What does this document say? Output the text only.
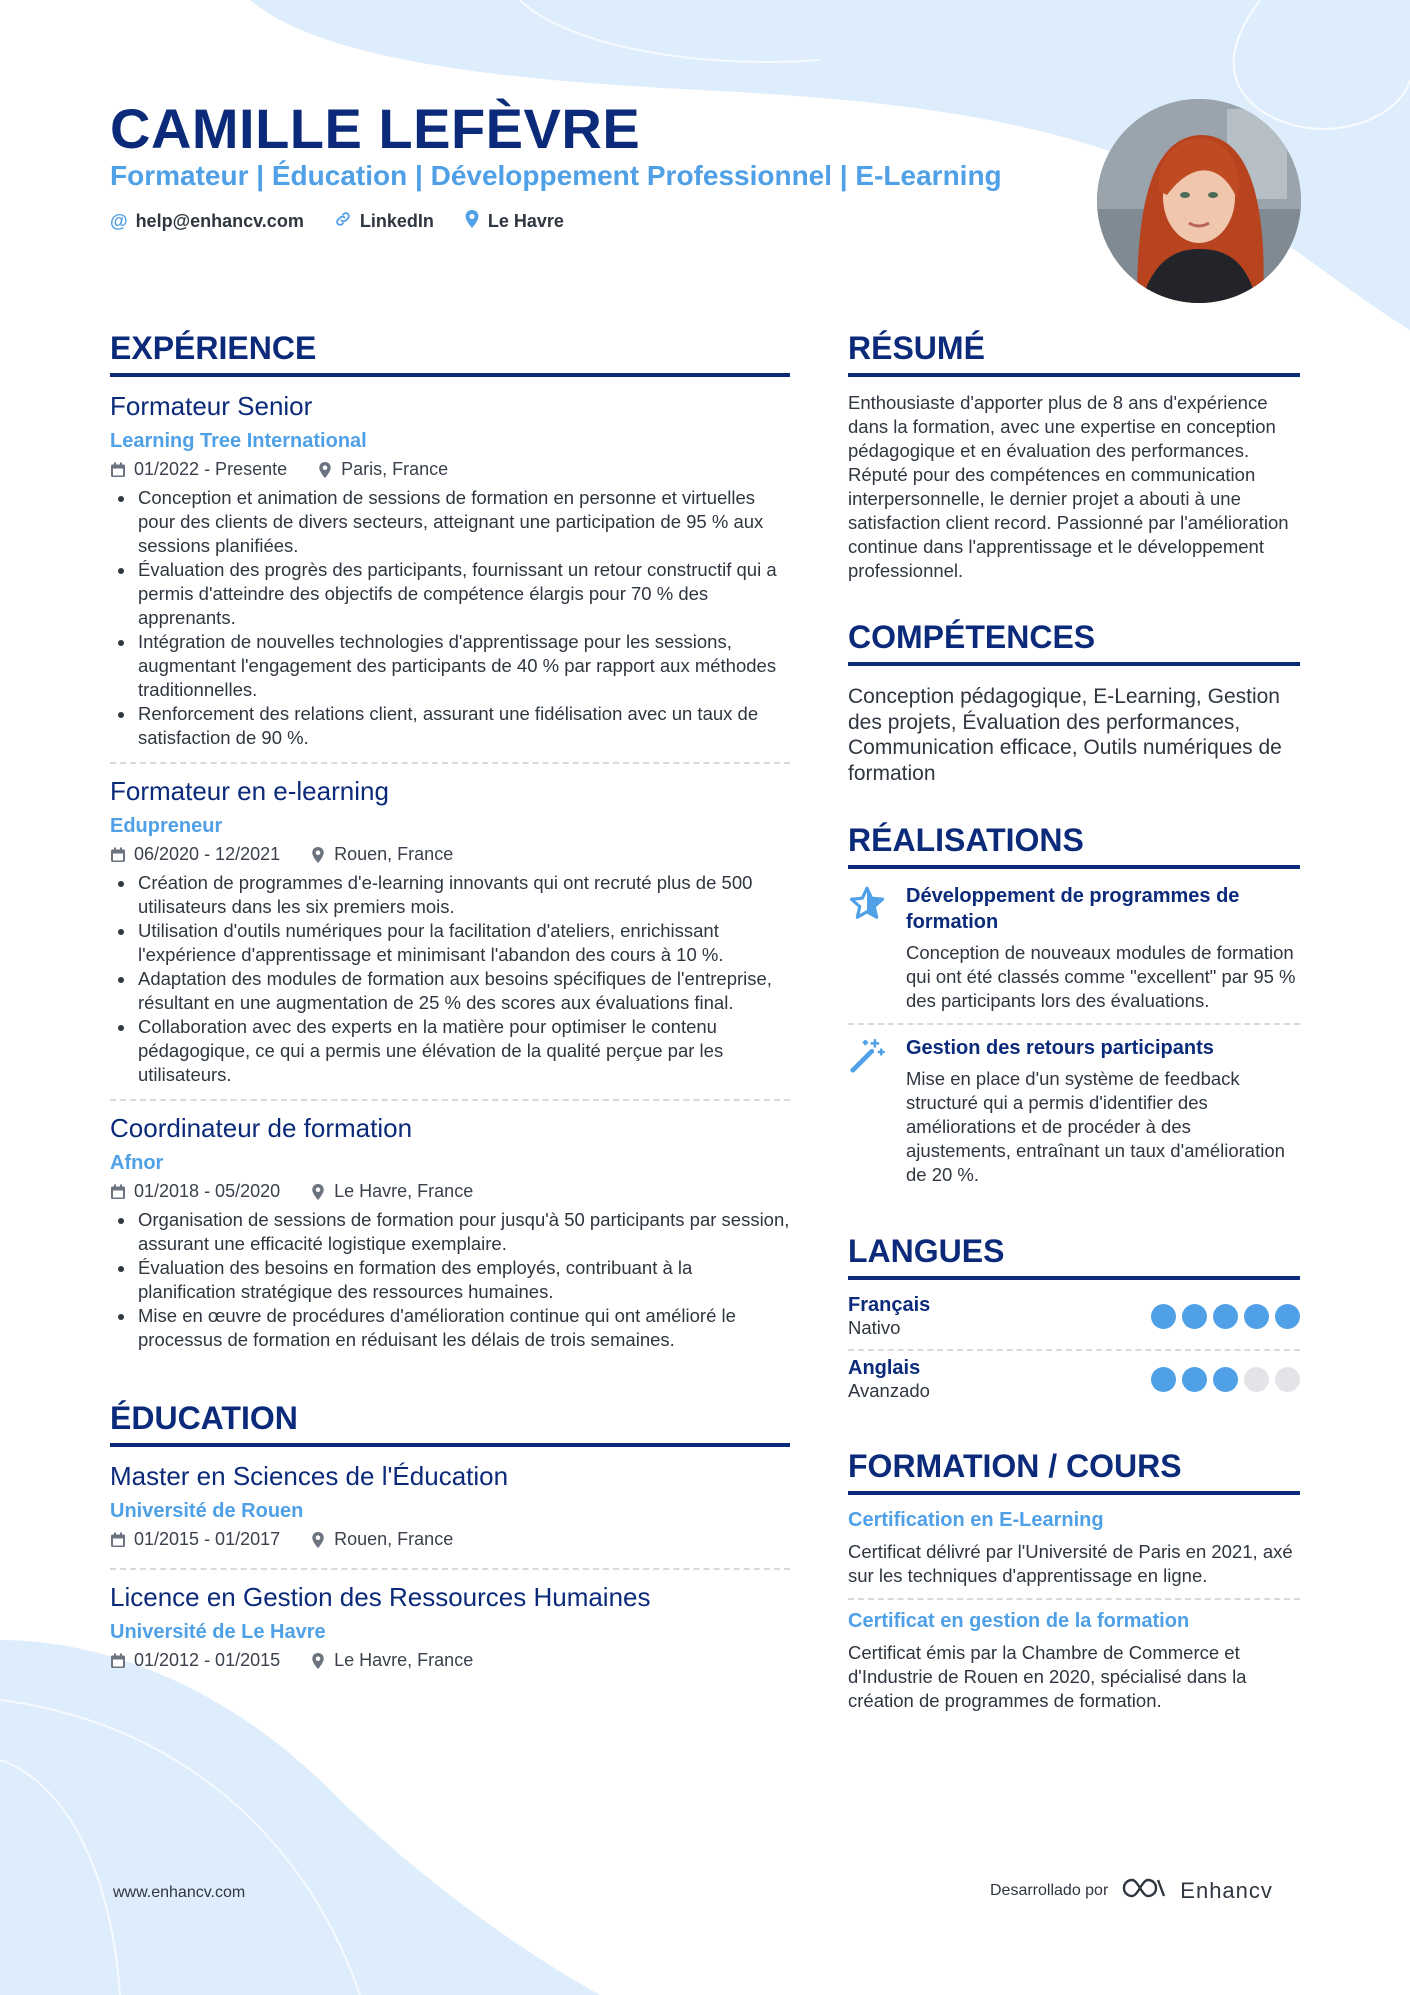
CAMILLE LEFÈVRE
Formateur | Éducation | Développement Professionnel | E-Learning
@ help@enhancv.com	LinkedIn	Le Havre
EXPÉRIENCE
Formateur Senior
Learning Tree International
01/2022 - Presente	Paris, France
Conception et animation de sessions de formation en personne et virtuelles pour des clients de divers secteurs, atteignant une participation de 95 % aux sessions planifiées.
Évaluation des progrès des participants, fournissant un retour constructif qui a permis d'atteindre des objectifs de compétence élargis pour 70 % des apprenants.
Intégration de nouvelles technologies d'apprentissage pour les sessions, augmentant l'engagement des participants de 40 % par rapport aux méthodes traditionnelles.
Renforcement des relations client, assurant une fidélisation avec un taux de satisfaction de 90 %.
Formateur en e-learning
Edupreneur
06/2020 - 12/2021	Rouen, France
Création de programmes d'e-learning innovants qui ont recruté plus de 500 utilisateurs dans les six premiers mois.
Utilisation d'outils numériques pour la facilitation d'ateliers, enrichissant l'expérience d'apprentissage et minimisant l'abandon des cours à 10 %.
Adaptation des modules de formation aux besoins spécifiques de l'entreprise, résultant en une augmentation de 25 % des scores aux évaluations final.
Collaboration avec des experts en la matière pour optimiser le contenu pédagogique, ce qui a permis une élévation de la qualité perçue par les utilisateurs.
Coordinateur de formation
Afnor
01/2018 - 05/2020	Le Havre, France
Organisation de sessions de formation pour jusqu'à 50 participants par session, assurant une efficacité logistique exemplaire.
Évaluation des besoins en formation des employés, contribuant à la planification stratégique des ressources humaines.
Mise en œuvre de procédures d'amélioration continue qui ont amélioré le processus de formation en réduisant les délais de trois semaines.
ÉDUCATION
Master en Sciences de l'Éducation
Université de Rouen
01/2015 - 01/2017	Rouen, France
Licence en Gestion des Ressources Humaines
Université de Le Havre
01/2012 - 01/2015	Le Havre, France
RÉSUMÉ
Enthousiaste d'apporter plus de 8 ans d'expérience dans la formation, avec une expertise en conception pédagogique et en évaluation des performances. Réputé pour des compétences en communication interpersonnelle, le dernier projet a abouti à une satisfaction client record. Passionné par l'amélioration continue dans l'apprentissage et le développement professionnel.
COMPÉTENCES
Conception pédagogique, E-Learning, Gestion des projets, Évaluation des performances, Communication efficace, Outils numériques de formation
RÉALISATIONS
Développement de programmes de formation
Conception de nouveaux modules de formation qui ont été classés comme "excellent" par 95 % des participants lors des évaluations.
Gestion des retours participants
Mise en place d'un système de feedback structuré qui a permis d'identifier des améliorations et de procéder à des ajustements, entraînant un taux d'amélioration de 20 %.
LANGUES
Français
Nativo
Anglais
Avanzado
FORMATION / COURS
Certification en E-Learning
Certificat délivré par l'Université de Paris en 2021, axé sur les techniques d'apprentissage en ligne.
Certificat en gestion de la formation
Certificat émis par la Chambre de Commerce et d'Industrie de Rouen en 2020, spécialisé dans la création de programmes de formation.
www.enhancv.com	Desarrollado por	Enhancv
